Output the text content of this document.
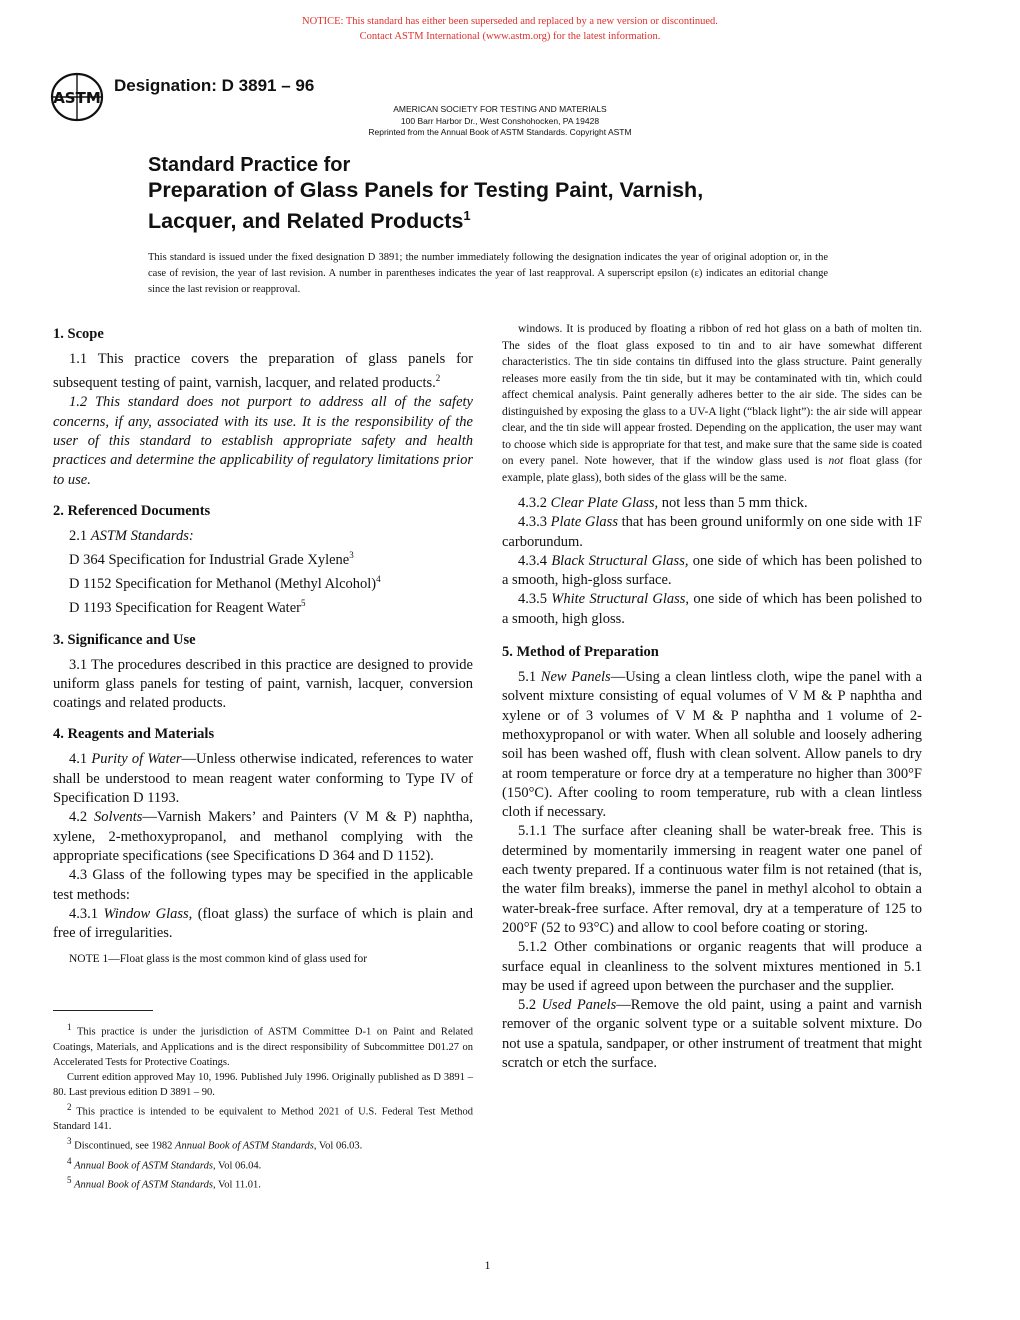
NOTICE: This standard has either been superseded and replaced by a new version or discontinued.
Contact ASTM International (www.astm.org) for the latest information.
ASTM
Designation: D 3891 – 96
AMERICAN SOCIETY FOR TESTING AND MATERIALS
100 Barr Harbor Dr., West Conshohocken, PA 19428
Reprinted from the Annual Book of ASTM Standards. Copyright ASTM
Standard Practice for
Preparation of Glass Panels for Testing Paint, Varnish,
Lacquer, and Related Products$^1$
This standard is issued under the fixed designation D 3891; the number immediately following the designation indicates the year of original adoption or, in the case of revision, the year of last revision. A number in parentheses indicates the year of last reapproval. A superscript epsilon (ε) indicates an editorial change since the last revision or reapproval.
1. Scope

1.1 This practice covers the preparation of glass panels for subsequent testing of paint, varnish, lacquer, and related products.$^2$

1.2 This standard does not purport to address all of the safety concerns, if any, associated with its use. It is the responsibility of the user of this standard to establish appropriate safety and health practices and determine the applicability of regulatory limitations prior to use.

2. Referenced Documents

2.1 ASTM Standards:

D 364 Specification for Industrial Grade Xylene$^3$
D 1152 Specification for Methanol (Methyl Alcohol)$^4$
D 1193 Specification for Reagent Water$^5$
3. Significance and Use

3.1 The procedures described in this practice are designed to provide uniform glass panels for testing of paint, varnish, lacquer, conversion coatings and related products.

4. Reagents and Materials

4.1 Purity of Water—Unless otherwise indicated, references to water shall be understood to mean reagent water conforming to Type IV of Specification D 1193.

4.2 Solvents—Varnish Makers’ and Painters (V M & P) naphtha, xylene, 2-methoxypropanol, and methanol complying with the appropriate specifications (see Specifications D 364 and D 1152).

4.3 Glass of the following types may be specified in the applicable test methods:

4.3.1 Window Glass, (float glass) the surface of which is plain and free of irregularities.

NOTE 1—Float glass is the most common kind of glass used for

$^1$ This practice is under the jurisdiction of ASTM Committee D-1 on Paint and Related Coatings, Materials, and Applications and is the direct responsibility of Subcommittee D01.27 on Accelerated Tests for Protective Coatings.

Current edition approved May 10, 1996. Published July 1996. Originally published as D 3891 – 80. Last previous edition D 3891 – 90.

$^2$ This practice is intended to be equivalent to Method 2021 of U.S. Federal Test Method Standard 141.

$^3$ Discontinued, see 1982 Annual Book of ASTM Standards, Vol 06.03.

$^4$ Annual Book of ASTM Standards, Vol 06.04.

$^5$ Annual Book of ASTM Standards, Vol 11.01.

windows. It is produced by floating a ribbon of red hot glass on a bath of molten tin. The sides of the float glass exposed to tin and to air have somewhat different characteristics. The tin side contains tin diffused into the glass structure. Paint generally releases more easily from the tin side, but it may be contaminated with tin, which could affect chemical analysis. Paint generally adheres better to the air side. The sides can be distinguished by exposing the glass to a UV-A light (“black light”): the air side will appear clear, and the tin side will appear frosted. Depending on the application, the user may want to choose which side is appropriate for that test, and make sure that the same side is coated on every panel. Note however, that if the window glass used is not float glass (for example, plate glass), both sides of the glass will be the same.

4.3.2 Clear Plate Glass, not less than 5 mm thick.

4.3.3 Plate Glass that has been ground uniformly on one side with 1F carborundum.

4.3.4 Black Structural Glass, one side of which has been polished to a smooth, high-gloss surface.

4.3.5 White Structural Glass, one side of which has been polished to a smooth, high gloss.

5. Method of Preparation

5.1 New Panels—Using a clean lintless cloth, wipe the panel with a solvent mixture consisting of equal volumes of V M & P naphtha and xylene or of 3 volumes of V M & P naphtha and 1 volume of 2-methoxypropanol or with water. When all soluble and loosely adhering soil has been washed off, flush with clean solvent. Allow panels to dry at room temperature or force dry at a temperature no higher than 300°F (150°C). After cooling to room temperature, rub with a clean lintless cloth if necessary.

5.1.1 The surface after cleaning shall be water-break free. This is determined by momentarily immersing in reagent water one panel of each twenty prepared. If a continuous water film is not retained (that is, the water film breaks), immerse the panel in methyl alcohol to obtain a water-break-free surface. After removal, dry at a temperature of 125 to 200°F (52 to 93°C) and allow to cool before coating or storing.

5.1.2 Other combinations or organic reagents that will produce a surface equal in cleanliness to the solvent mixtures mentioned in 5.1 may be used if agreed upon between the purchaser and the supplier.

5.2 Used Panels—Remove the old paint, using a paint and varnish remover of the organic solvent type or a suitable solvent mixture. Do not use a spatula, sandpaper, or other instrument of treatment that might scratch or etch the surface.

1
